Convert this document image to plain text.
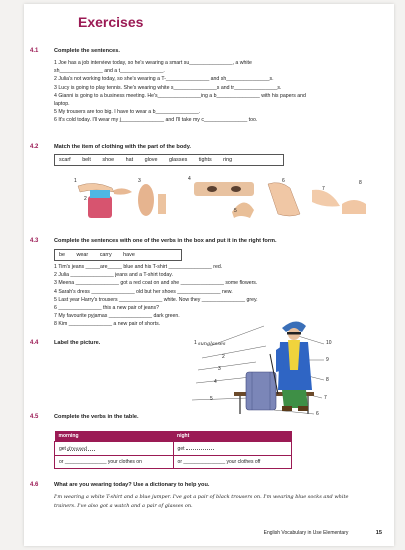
Exercises
4.1	Complete the sentences.
1 Joe has a job interview today, so he's wearing a smart su_______________, a white
sh_______________ and a t_______________.
2 Julia's not working today, so she's wearing a T-_______________ and sh_______________s.
3 Lucy is going to play tennis. She's wearing white s_______________s and tr_______________s.
4 Gianni is going to a business meeting. He's_______________ing a b_______________ with his papers and
laptop.
5 My trousers are too big. I have to wear a b_______________.
6 It's cold today. I'll wear my j_______________ and I'll take my c_______________ too.
4.2	Match the item of clothing with the part of the body.
scarf belt shoe hat glove glasses tights ring
1
2
3	4
5
6
7
8
4.3	Complete the sentences with one of the verbs in the box and put it in the right form.
be wear carry have
1 Tim's jeans _____are_____ blue and his T-shirt _______________ red.
2 Julia _______________ jeans and a T-shirt today.
3 Meena _______________ got a red coat on and she _______________ some flowers.
4 Sarah's dress _______________ old but her shoes _______________ new.
5 Last year Harry's trousers _______________ white. Now they _______________ grey.
6 _______________ this a new pair of jeans?
7 My favourite pyjamas _______________ dark green.
8 Kim _______________ a new pair of shorts.
4.4	Label the picture.	sunglasses
1
2
3
4
5
10
9
8
7
6
4.5	Complete the verbs in the table.
morning	night
get dressed	get
or _______________ your clothes on	or _______________ your clothes off
4.6	What are you wearing today? Use a dictionary to help you.
I'm wearing a white T-shirt and a blue jumper. I've got a pair of black trousers on. I'm wearing blue socks and white
trainers. I've also got a watch and a pair of glasses on.
English Vocabulary in Use Elementary	15
